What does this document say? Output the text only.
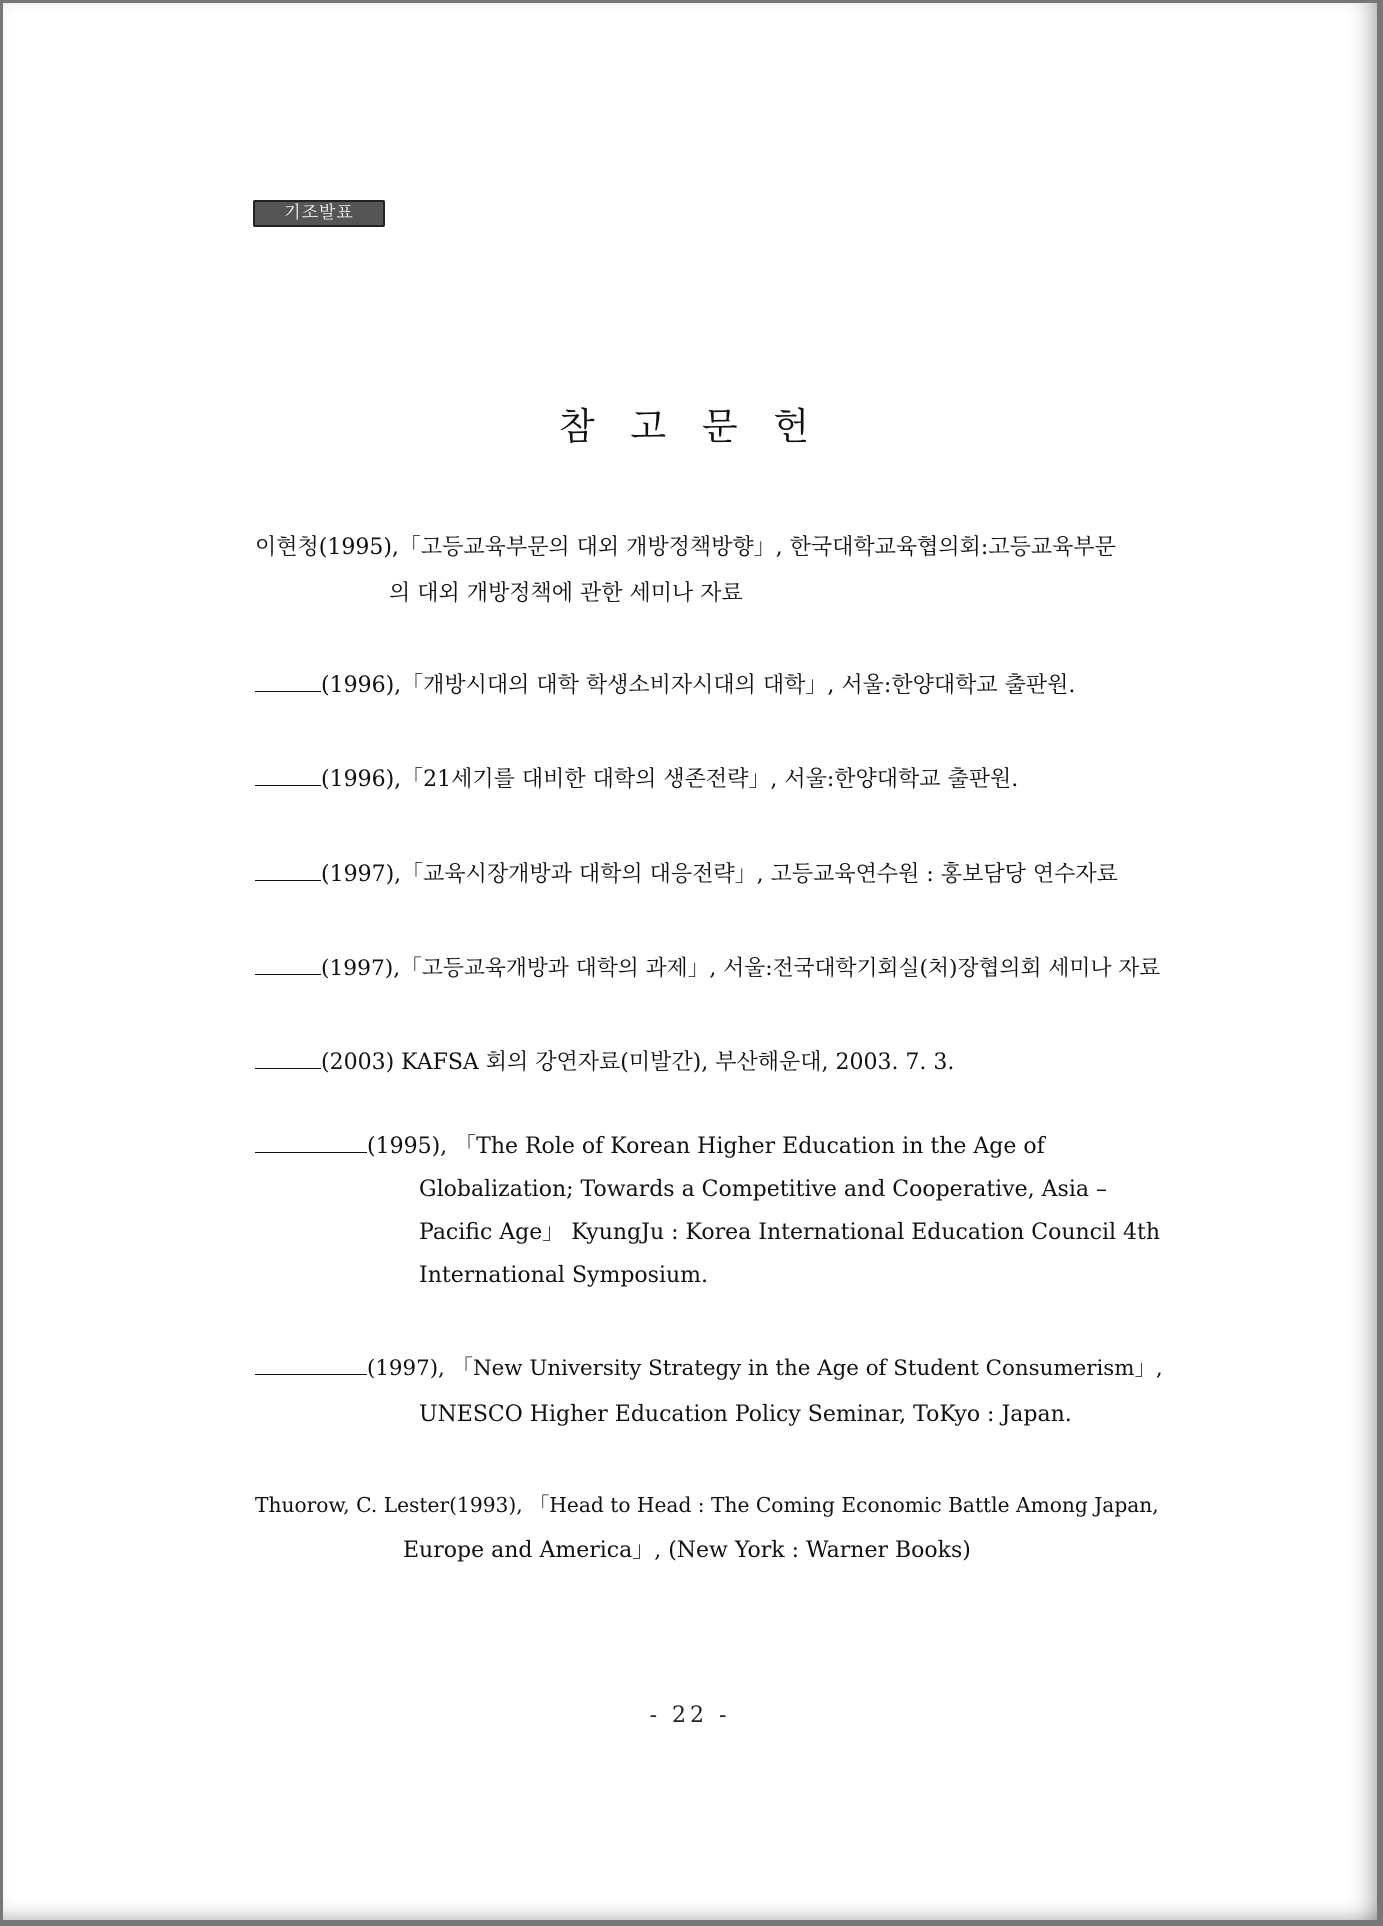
기조발표
참 고 문 헌
이현청(1995),「고등교육부문의 대외 개방정책방향」, 한국대학교육협의회:고등교육부문
의 대외 개방정책에 관한 세미나 자료
(1996),「개방시대의 대학 학생소비자시대의 대학」, 서울:한양대학교 출판원.
(1996),「21세기를 대비한 대학의 생존전략」, 서울:한양대학교 출판원.
(1997),「교육시장개방과 대학의 대응전략」, 고등교육연수원 : 홍보담당 연수자료
(1997),「고등교육개방과 대학의 과제」, 서울:전국대학기회실(처)장협의회 세미나 자료
(2003) KAFSA 회의 강연자료(미발간), 부산해운대, 2003. 7. 3.
(1995), 「The Role of Korean Higher Education in the Age of
Globalization; Towards a Competitive and Cooperative, Asia –
Pacific Age」 KyungJu : Korea International Education Council 4th
International Symposium.
(1997), 「New University Strategy in the Age of Student Consumerism」,
UNESCO Higher Education Policy Seminar, ToKyo : Japan.
Thuorow, C. Lester(1993), 「Head to Head : The Coming Economic Battle Among Japan,
Europe and America」, (New York : Warner Books)
- 22 -
